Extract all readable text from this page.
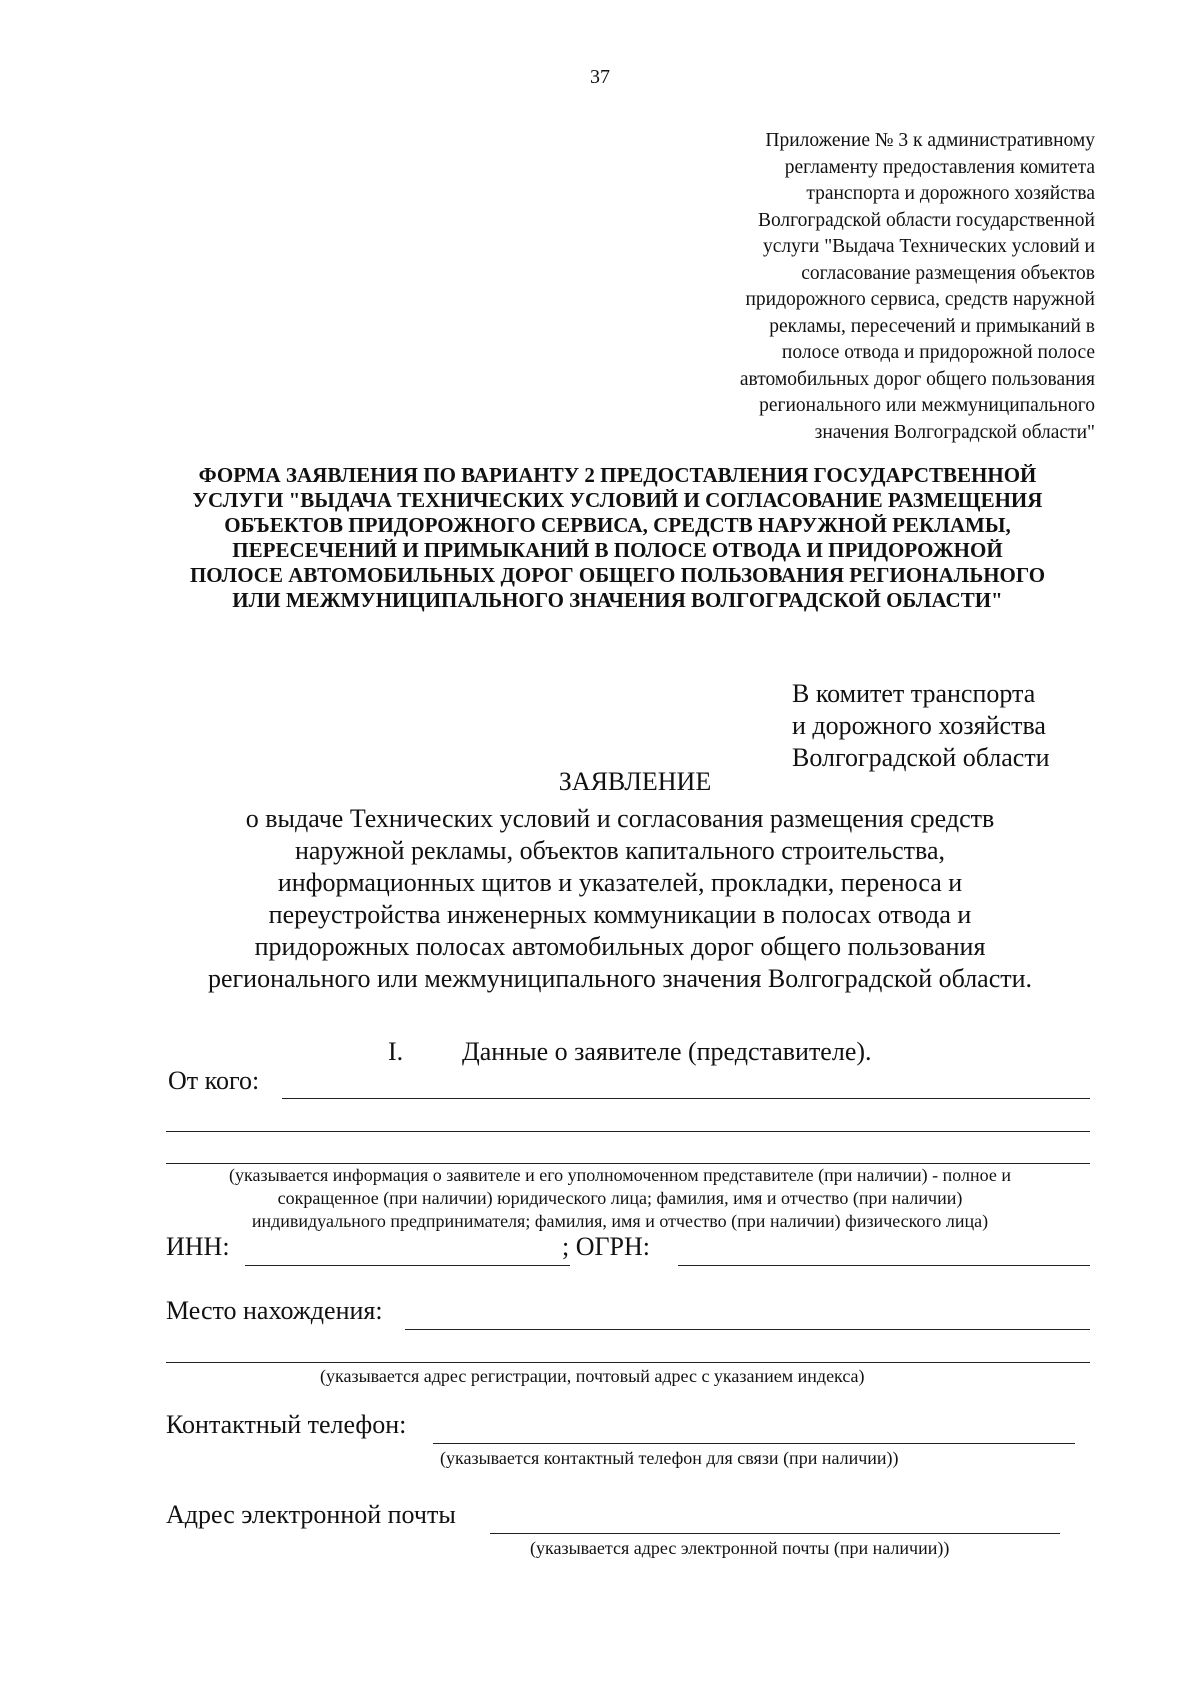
37
Приложение № 3 к административному
регламенту предоставления комитета
транспорта и дорожного хозяйства
Волгоградской области государственной
услуги "Выдача Технических условий и
согласование размещения объектов
придорожного сервиса, средств наружной
рекламы, пересечений и примыканий в
полосе отвода и придорожной полосе
автомобильных дорог общего пользования
регионального или межмуниципального
значения Волгоградской области"
ФОРМА ЗАЯВЛЕНИЯ ПО ВАРИАНТУ 2 ПРЕДОСТАВЛЕНИЯ ГОСУДАРСТВЕННОЙ
УСЛУГИ "ВЫДАЧА ТЕХНИЧЕСКИХ УСЛОВИЙ И СОГЛАСОВАНИЕ РАЗМЕЩЕНИЯ
ОБЪЕКТОВ ПРИДОРОЖНОГО СЕРВИСА, СРЕДСТВ НАРУЖНОЙ РЕКЛАМЫ,
ПЕРЕСЕЧЕНИЙ И ПРИМЫКАНИЙ В ПОЛОСЕ ОТВОДА И ПРИДОРОЖНОЙ
ПОЛОСЕ АВТОМОБИЛЬНЫХ ДОРОГ ОБЩЕГО ПОЛЬЗОВАНИЯ РЕГИОНАЛЬНОГО
ИЛИ МЕЖМУНИЦИПАЛЬНОГО ЗНАЧЕНИЯ ВОЛГОГРАДСКОЙ ОБЛАСТИ"
В комитет транспорта
и дорожного хозяйства
Волгоградской области
ЗАЯВЛЕНИЕ
о выдаче Технических условий и согласования размещения средств
наружной рекламы, объектов капитального строительства,
информационных щитов и указателей, прокладки, переноса и
переустройства инженерных коммуникации в полосах отвода и
придорожных полосах автомобильных дорог общего пользования
регионального или межмуниципального значения Волгоградской области.
I. Данные о заявителе (представителе).
От кого:
(указывается информация о заявителе и его уполномоченном представителе (при наличии) - полное и
сокращенное (при наличии) юридического лица; фамилия, имя и отчество (при наличии)
индивидуального предпринимателя; фамилия, имя и отчество (при наличии) физического лица)
ИНН:	; ОГРН:
Место нахождения:
(указывается адрес регистрации, почтовый адрес с указанием индекса)
Контактный телефон:
(указывается контактный телефон для связи (при наличии))
Адрес электронной почты
(указывается адрес электронной почты (при наличии))
